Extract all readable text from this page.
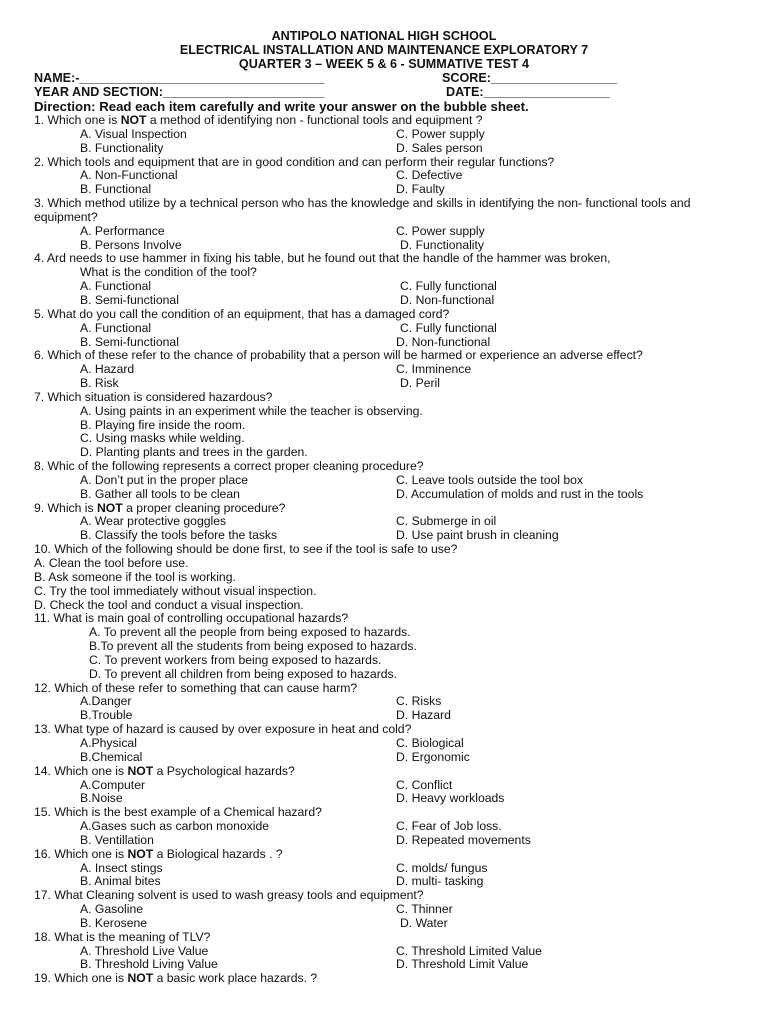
ANTIPOLO NATIONAL HIGH SCHOOL
ELECTRICAL INSTALLATION AND MAINTENANCE EXPLORATORY 7
QUARTER 3 – WEEK 5 & 6 - SUMMATIVE TEST 4
NAME:-___________________________________	SCORE:__________________
YEAR AND SECTION:_______________________	DATE:__________________
Direction: Read each item carefully and write your answer on the bubble sheet.
1. Which one is NOT a method of identifying non - functional tools and equipment ?
A. Visual Inspection	C. Power supply
B. Functionality	D. Sales person
2. Which tools and equipment that are in good condition and can perform their regular functions?
A. Non-Functional	C. Defective
B. Functional	D. Faulty
3. Which method utilize by a technical person who has the knowledge and skills in identifying the non- functional tools and equipment?
A. Performance	C. Power supply
B. Persons Involve	D. Functionality
4. Ard needs to use hammer in fixing his table, but he found out that the handle of the hammer was broken,
What is the condition of the tool?
A. Functional	C. Fully functional
B. Semi-functional	D. Non-functional
5. What do you call the condition of an equipment, that has a damaged cord?
A. Functional	C. Fully functional
B. Semi-functional	D. Non-functional
6. Which of these refer to the chance of probability that a person will be harmed or experience an adverse effect?
A. Hazard	C. Imminence
B. Risk	D. Peril
7. Which situation is considered hazardous?
A. Using paints in an experiment while the teacher is observing.
B. Playing fire inside the room.
C. Using masks while welding.
D. Planting plants and trees in the garden.
8. Whic of the following represents a correct proper cleaning procedure?
A. Don’t put in the proper place	C. Leave tools outside the tool box
B. Gather all tools to be clean	D. Accumulation of molds and rust in the tools
9. Which is NOT a proper cleaning procedure?
A. Wear protective goggles	C. Submerge in oil
B. Classify the tools before the tasks	D. Use paint brush in cleaning
10. Which of the following should be done first, to see if the tool is safe to use?
A. Clean the tool before use.
B. Ask someone if the tool is working.
C. Try the tool immediately without visual inspection.
D. Check the tool and conduct a visual inspection.
11. What is main goal of controlling occupational hazards?
A. To prevent all the people from being exposed to hazards.
B.To prevent all the students from being exposed to hazards.
C. To prevent workers from being exposed to hazards.
D. To prevent all children from being exposed to hazards.
12. Which of these refer to something that can cause harm?
A.Danger	C. Risks
B.Trouble	D. Hazard
13. What type of hazard is caused by over exposure in heat and cold?
A.Physical	C. Biological
B.Chemical	D. Ergonomic
14. Which one is NOT a Psychological hazards?
A.Computer	C. Conflict
B.Noise	D. Heavy workloads
15. Which is the best example of a Chemical hazard?
A.Gases such as carbon monoxide	C. Fear of Job loss.
B. Ventillation	D. Repeated movements
16. Which one is NOT a Biological hazards . ?
A. Insect stings	C. molds/ fungus
B. Animal bites	D. multi- tasking
17. What Cleaning solvent is used to wash greasy tools and equipment?
A. Gasoline	C. Thinner
B. Kerosene	D. Water
18. What is the meaning of TLV?
A. Threshold Live Value	C. Threshold Limited Value
B. Threshold Living Value	D. Threshold Limit Value
19. Which one is NOT a basic work place hazards. ?
